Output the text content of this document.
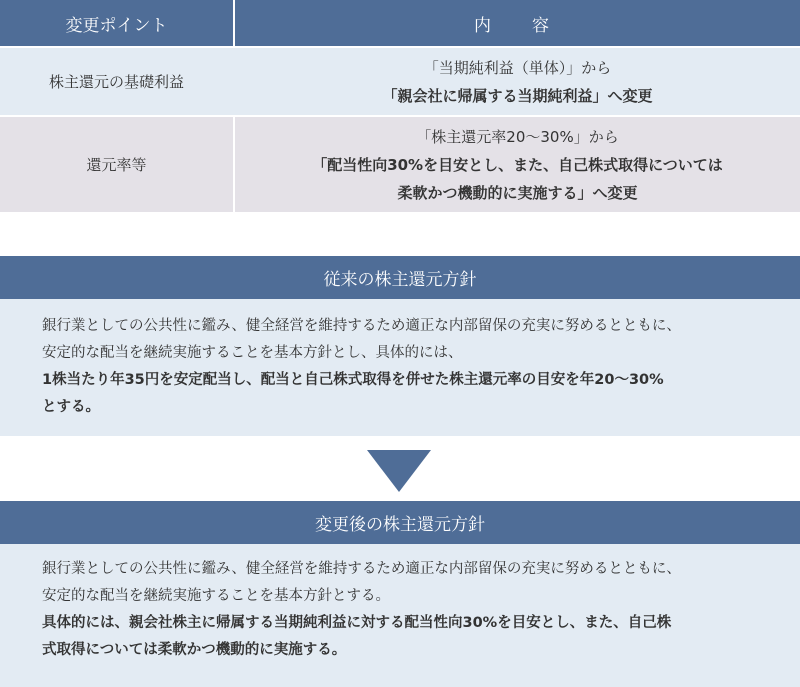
変更ポイント	内　容
株主還元の基礎利益
「当期純利益（単体）」から
「親会社に帰属する当期純利益」へ変更
還元率等
「株主還元率20～30%」から
「配当性向30%を目安とし、また、自己株式取得については
柔軟かつ機動的に実施する」へ変更
従来の株主還元方針

銀行業としての公共性に鑑み、健全経営を維持するため適正な内部留保の充実に努めるとともに、

安定的な配当を継続実施することを基本方針とし、具体的には、

1株当たり年35円を安定配当し、配当と自己株式取得を併せた株主還元率の目安を年20～30%

とする。

変更後の株主還元方針

銀行業としての公共性に鑑み、健全経営を維持するため適正な内部留保の充実に努めるとともに、

安定的な配当を継続実施することを基本方針とする。

具体的には、親会社株主に帰属する当期純利益に対する配当性向30%を目安とし、また、自己株

式取得については柔軟かつ機動的に実施する。
